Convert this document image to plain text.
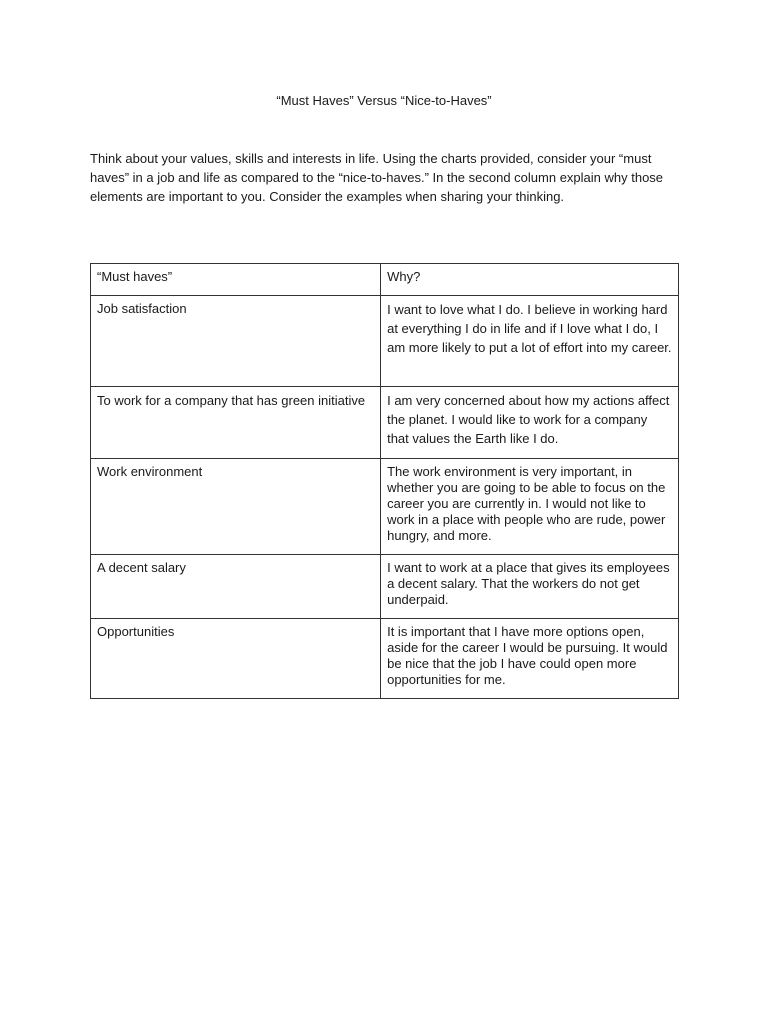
“Must Haves” Versus “Nice-to-Haves”

Think about your values, skills and interests in life. Using the charts provided, consider your “must haves” in a job and life as compared to the “nice-to-haves.” In the second column explain why those elements are important to you. Consider the examples when sharing your thinking.

“Must haves”	Why?
Job satisfaction	I want to love what I do. I believe in working hard at everything I do in life and if I love what I do, I am more likely to put a lot of effort into my career.
To work for a company that has green initiative	I am very concerned about how my actions affect the planet. I would like to work for a company that values the Earth like I do.
Work environment	The work environment is very important, in whether you are going to be able to focus on the career you are currently in. I would not like to work in a place with people who are rude, power hungry, and more.
A decent salary	I want to work at a place that gives its employees a decent salary. That the workers do not get underpaid.
Opportunities	It is important that I have more options open, aside for the career I would be pursuing. It would be nice that the job I have could open more opportunities for me.
